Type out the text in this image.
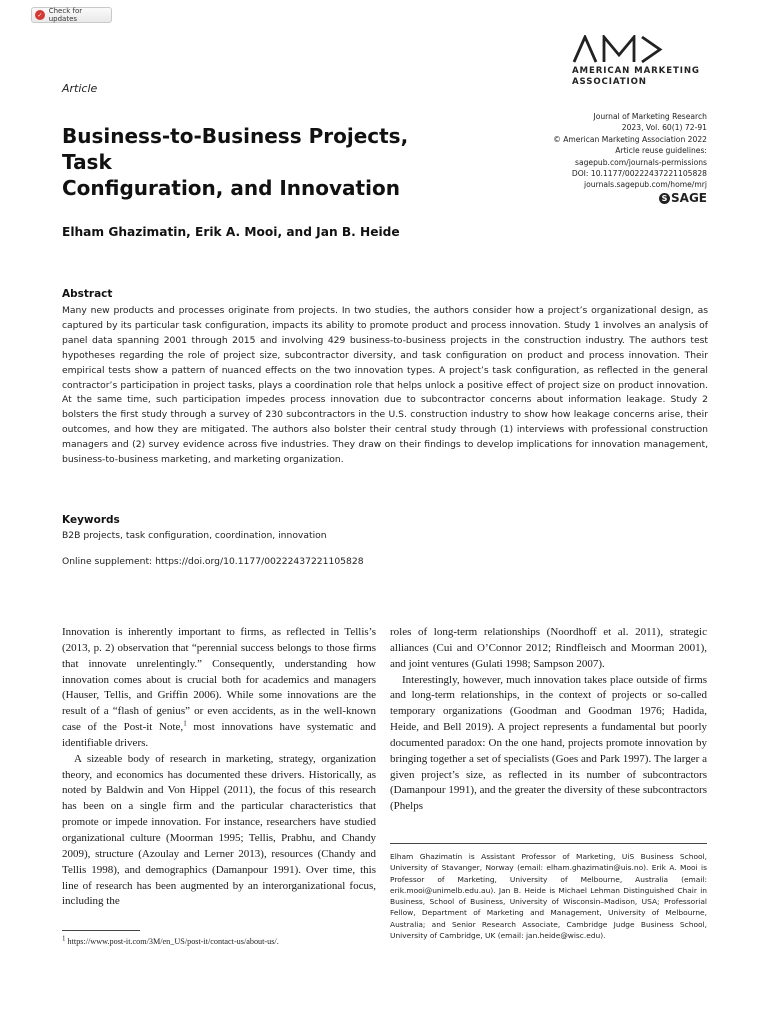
✓ Check for updates
Article
AMERICAN MARKETING
ASSOCIATION
Business-to-Business Projects, Task
Configuration, and Innovation
Journal of Marketing Research
2023, Vol. 60(1) 72-91
© American Marketing Association 2022
Article reuse guidelines:
sagepub.com/journals-permissions
DOI: 10.1177/00222437221105828
journals.sagepub.com/home/mrj
S SAGE
Elham Ghazimatin, Erik A. Mooi, and Jan B. Heide
Abstract

Many new products and processes originate from projects. In two studies, the authors consider how a project’s organizational design, as captured by its particular task configuration, impacts its ability to promote product and process innovation. Study 1 involves an analysis of panel data spanning 2001 through 2015 and involving 429 business-to-business projects in the construction industry. The authors test hypotheses regarding the role of project size, subcontractor diversity, and task configuration on product and process innovation. Their empirical tests show a pattern of nuanced effects on the two innovation types. A project’s task configuration, as reflected in the general contractor’s participation in project tasks, plays a coordination role that helps unlock a positive effect of project size on product innovation. At the same time, such participation impedes process innovation due to subcontractor concerns about information leakage. Study 2 bolsters the first study through a survey of 230 subcontractors in the U.S. construction industry to show how leakage concerns arise, their outcomes, and how they are mitigated. The authors also bolster their central study through (1) interviews with professional construction managers and (2) survey evidence across five industries. They draw on their findings to develop implications for innovation management, business-to-business marketing, and marketing organization.

Keywords
B2B projects, task configuration, coordination, innovation
Online supplement: https://doi.org/10.1177/00222437221105828

Innovation is inherently important to firms, as reflected in Tellis’s (2013, p. 2) observation that “perennial success belongs to those firms that innovate unrelentingly.” Consequently, understanding how innovation comes about is crucial both for academics and managers (Hauser, Tellis, and Griffin 2006). While some innovations are the result of a “flash of genius” or even accidents, as in the well-known case of the Post-it Note,$^1$ most innovations have systematic and identifiable drivers.

A sizeable body of research in marketing, strategy, organization theory, and economics has documented these drivers. Historically, as noted by Baldwin and Von Hippel (2011), the focus of this research has been on a single firm and the particular characteristics that promote or impede innovation. For instance, researchers have studied organizational culture (Moorman 1995; Tellis, Prabhu, and Chandy 2009), structure (Azoulay and Lerner 2013), resources (Chandy and Tellis 1998), and demographics (Damanpour 1991). Over time, this line of research has been augmented by an interorganizational focus, including the

roles of long-term relationships (Noordhoff et al. 2011), strategic alliances (Cui and O’Connor 2012; Rindfleisch and Moorman 2001), and joint ventures (Gulati 1998; Sampson 2007).

Interestingly, however, much innovation takes place outside of firms and long-term relationships, in the context of projects or so-called temporary organizations (Goodman and Goodman 1976; Hadida, Heide, and Bell 2019). A project represents a fundamental but poorly documented paradox: On the one hand, projects promote innovation by bringing together a set of specialists (Goes and Park 1997). The larger a given project’s size, as reflected in its number of subcontractors (Damanpour 1991), and the greater the diversity of these subcontractors (Phelps

Elham Ghazimatin is Assistant Professor of Marketing, UiS Business School, University of Stavanger, Norway (email: elham.ghazimatin@uis.no). Erik A. Mooi is Professor of Marketing, University of Melbourne, Australia (email: erik.mooi@unimelb.edu.au). Jan B. Heide is Michael Lehman Distinguished Chair in Business, School of Business, University of Wisconsin–Madison, USA; Professorial Fellow, Department of Marketing and Management, University of Melbourne, Australia; and Senior Research Associate, Cambridge Judge Business School, University of Cambridge, UK (email: jan.heide@wisc.edu).

$^1$ https://www.post-it.com/3M/en_US/post-it/contact-us/about-us/.
